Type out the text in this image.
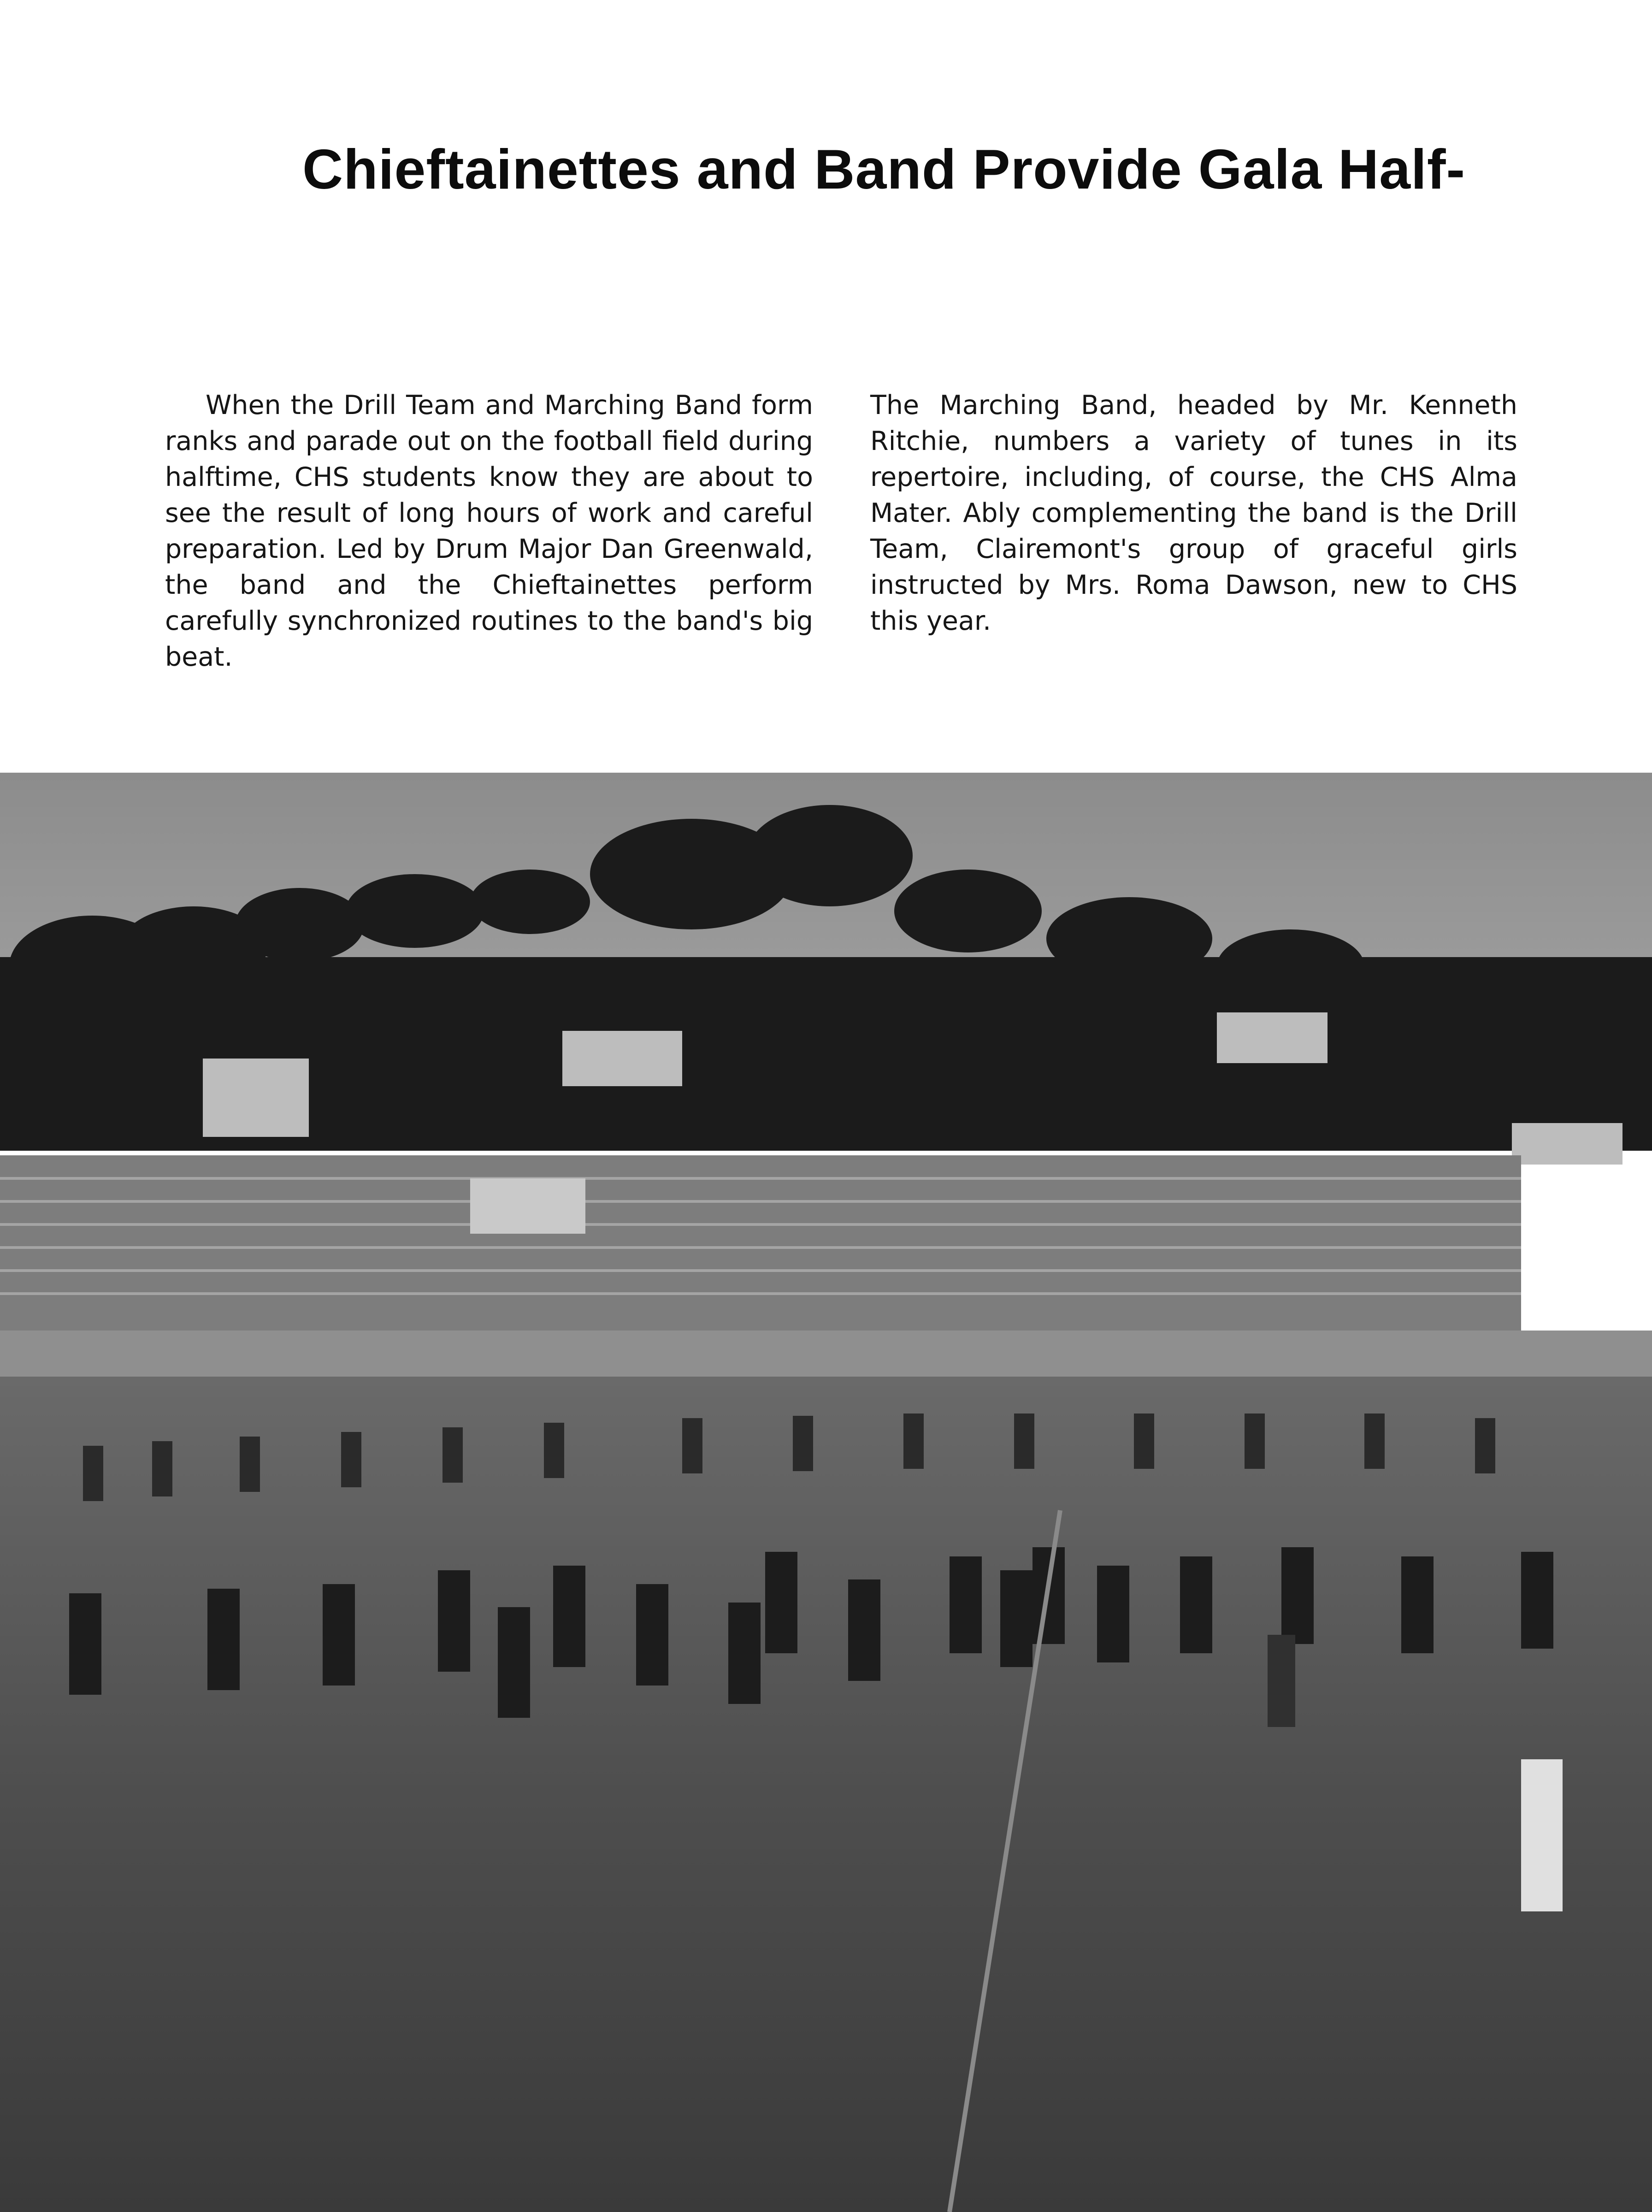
Chieftainettes and Band Provide Gala Half-

When the Drill Team and Marching Band form ranks and parade out on the football field during halftime, CHS students know they are about to see the result of long hours of work and careful preparation. Led by Drum Major Dan Greenwald, the band and the Chieftainettes perform carefully synchronized routines to the band's big beat.

The Marching Band, headed by Mr. Kenneth Ritchie, numbers a variety of tunes in its repertoire, including, of course, the CHS Alma Mater. Ably complementing the band is the Drill Team, Clairemont's group of graceful girls instructed by Mrs. Roma Dawson, new to CHS this year.
